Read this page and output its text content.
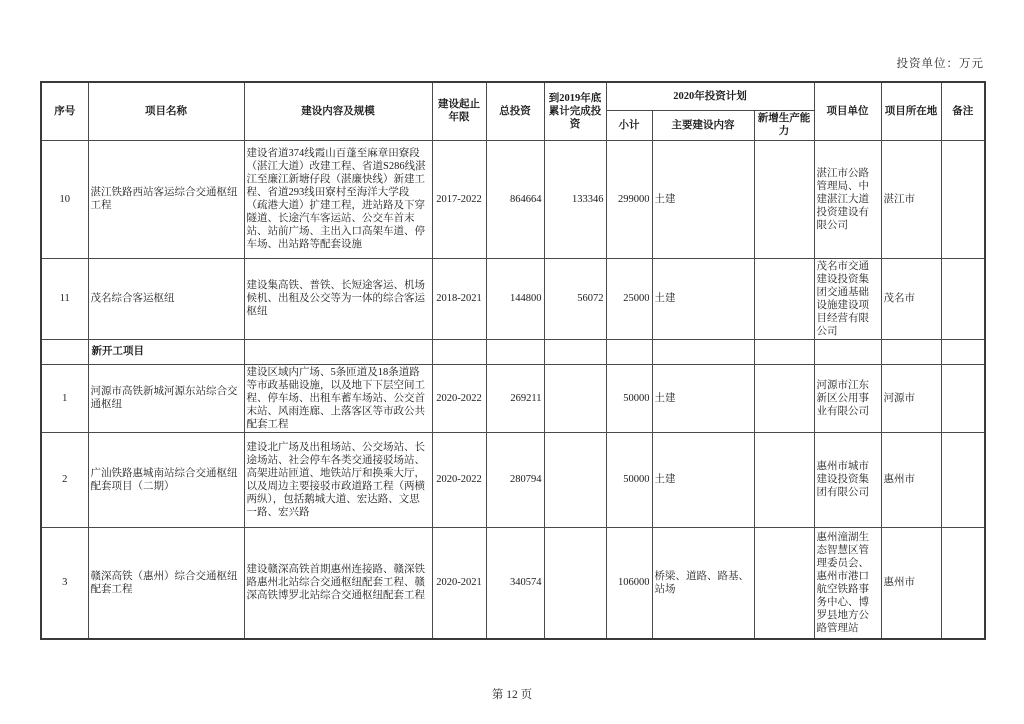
投资单位：万元
序号	项目名称	建设内容及规模	建设起止年限	总投资	到2019年底累计完成投资	2020年投资计划			项目单位	项目所在地	备注
						小计	主要建设内容	新增生产能力			
10	湛江铁路西站客运综合交通枢纽工程	建设省道374线霞山百蓬至麻章田寮段（湛江大道）改建工程、省道S286线湛江至廉江新塘仔段（湛廉快线）新建工程、省道293线田寮村至海洋大学段（疏港大道）扩建工程，进站路及下穿隧道、长途汽车客运站、公交车首末站、站前广场、主出入口高架车道、停车场、出站路等配套设施	2017-2022	864664	133346	299000	土建		湛江市公路管理局、中建湛江大道投资建设有限公司	湛江市	
11	茂名综合客运枢纽	建设集高铁、普铁、长短途客运、机场候机、出租及公交等为一体的综合客运枢纽	2018-2021	144800	56072	25000	土建		茂名市交通建设投资集团交通基础设施建设项目经营有限公司	茂名市	
	新开工项目										
1	河源市高铁新城河源东站综合交通枢纽	建设区域内广场、5条匝道及18条道路等市政基础设施，以及地下下层空间工程、停车场、出租车蓄车场站、公交首末站、风雨连廊、上落客区等市政公共配套工程	2020-2022	269211		50000	土建		河源市江东新区公用事业有限公司	河源市	
2	广汕铁路惠城南站综合交通枢纽配套项目（二期）	建设北广场及出租场站、公交场站、长途场站、社会停车各类交通接驳场站、高架进站匝道、地铁站厅和换乘大厅，以及周边主要接驳市政道路工程（两横两纵），包括鹅城大道、宏达路、文思一路、宏兴路	2020-2022	280794		50000	土建		惠州市城市建设投资集团有限公司	惠州市	
3	赣深高铁（惠州）综合交通枢纽配套工程	建设赣深高铁首期惠州连接路、赣深铁路惠州北站综合交通枢纽配套工程、赣深高铁博罗北站综合交通枢纽配套工程	2020-2021	340574		106000	桥梁、道路、路基、站场		惠州潼湖生态智慧区管理委员会、惠州市港口航空铁路事务中心、博罗县地方公路管理站	惠州市	
第 12 页
